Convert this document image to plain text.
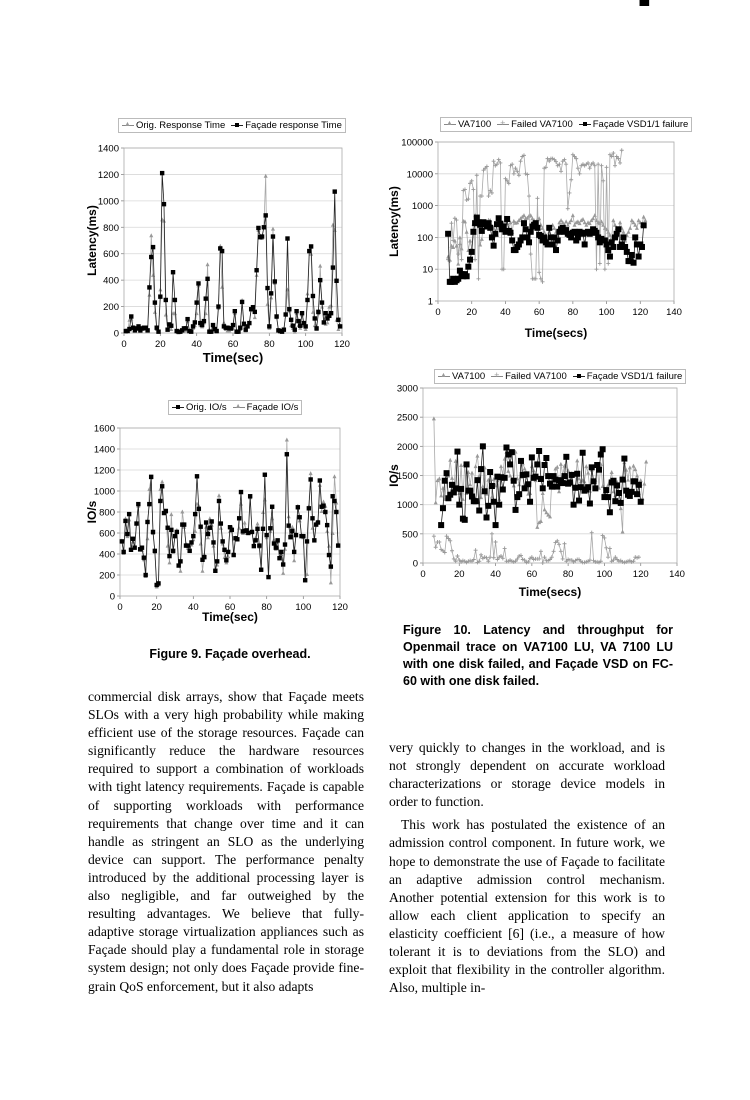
▲
Orig. Response Time Façade response Time
0
200
400
600
800
1000
1200
1400
0	20	40	60	80 100 120
Time(sec)
Latency(ms)
Orig. IO/s ▲ Façade IO/s
0
200
400
600
800
1000
1200
1400
1600
0	20	40	60	80 100 120
Time(sec)
IO/s
▲
VA7100 + Failed VA7100 Façade VSD1/1 failure
1
10
100
1000
10000
100000
0	20 40 60 80 100 120 140
Time(secs)
Latency(ms)
▲
VA7100 + Failed VA7100 Façade VSD1/1 failure
0
500
1000
1500
2000
2500
3000
0	20	40	60	80 100 120 140
Time(secs)
IO/s
Figure 9. Façade overhead.
Figure 10. Latency and throughput for Openmail trace on VA7100 LU, VA 7100 LU with one disk failed, and Façade VSD on FC-60 with one disk failed.

commercial disk arrays, show that Façade meets SLOs with a very high probability while making efficient use of the storage resources. Façade can significantly reduce the hardware resources required to support a combination of workloads with tight latency requirements. Façade is capable of supporting workloads with performance requirements that change over time and it can handle as stringent an SLO as the underlying device can support. The performance penalty introduced by the additional processing layer is also negligible, and far outweighed by the resulting advantages. We believe that fully-adaptive storage virtualization appliances such as Façade should play a fundamental role in storage system design; not only does Façade provide fine-grain QoS enforcement, but it also adapts

very quickly to changes in the workload, and is not strongly dependent on accurate workload characterizations or storage device models in order to function.

This work has postulated the existence of an admission control component. In future work, we hope to demonstrate the use of Façade to facilitate an adaptive admission control mechanism. Another potential extension for this work is to allow each client application to specify an elasticity coefficient [6] (i.e., a measure of how tolerant it is to deviations from the SLO) and exploit that flexibility in the controller algorithm. Also, multiple in-
